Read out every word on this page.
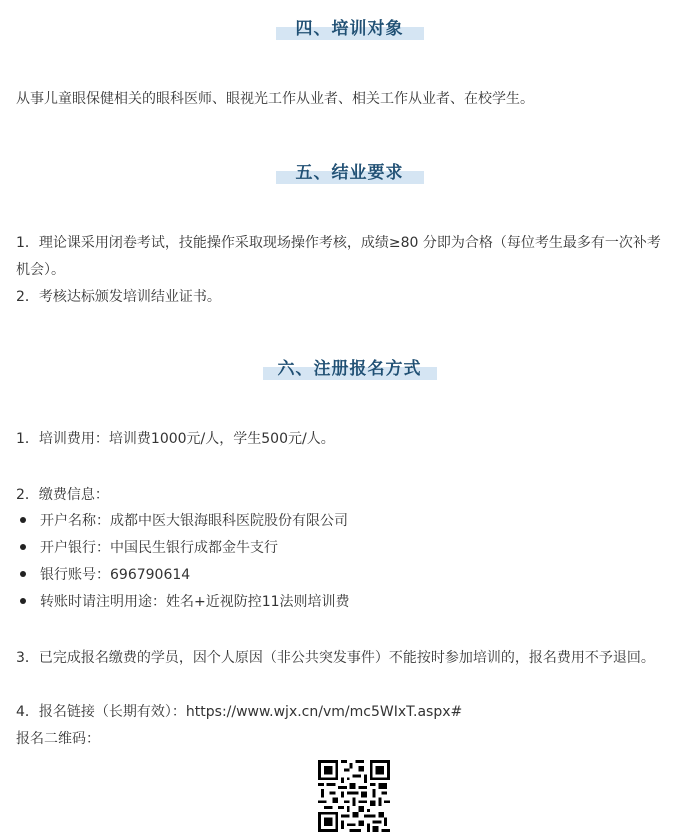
四、培训对象
从事儿童眼保健相关的眼科医师、眼视光工作从业者、相关工作从业者、在校学生。
五、结业要求
1．理论课采用闭卷考试，技能操作采取现场操作考核，成绩≥80 分即为合格（每位考生最多有一次补考
机会）。
2．考核达标颁发培训结业证书。
六、注册报名方式
1．培训费用：培训费1000元/人，学生500元/人。
2．缴费信息：
开户名称：成都中医大银海眼科医院股份有限公司
开户银行：中国民生银行成都金牛支行
银行账号：696790614
转账时请注明用途：姓名+近视防控11法则培训费
3．已完成报名缴费的学员，因个人原因（非公共突发事件）不能按时参加培训的，报名费用不予退回。
4．报名链接（长期有效）：https://www.wjx.cn/vm/mc5WIxT.aspx#
报名二维码：
